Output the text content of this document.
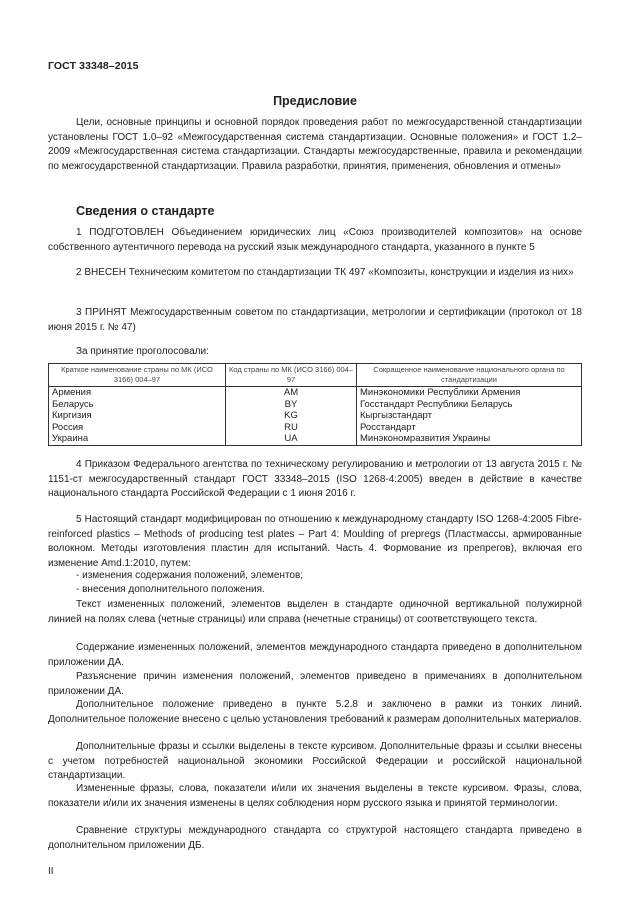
ГОСТ 33348–2015
Предисловие
Цели, основные принципы и основной порядок проведения работ по межгосударственной стандартизации установлены ГОСТ 1.0–92 «Межгосударственная система стандартизации. Основные положения» и ГОСТ 1.2–2009 «Межгосударственная система стандартизации. Стандарты межгосударственные, правила и рекомендации по межгосударственной стандартизации. Правила разработки, принятия, применения, обновления и отмены»
Сведения о стандарте
1 ПОДГОТОВЛЕН Объединением юридических лиц «Союз производителей композитов» на основе собственного аутентичного перевода на русский язык международного стандарта, указанного в пункте 5
2 ВНЕСЕН Техническим комитетом по стандартизации ТК 497 «Композиты, конструкции и изделия из них»
3 ПРИНЯТ Межгосударственным советом по стандартизации, метрологии и сертификации (протокол от 18 июня 2015 г. № 47)
За принятие проголосовали:
Краткое наименование страны по МК (ИСО 3166) 004–97	Код страны по МК (ИСО 3166) 004–97	Сокращенное наименование национального органа по стандартизации
Армения	AM	Минэкономики Республики Армения
Беларусь	BY	Госстандарт Республики Беларусь
Киргизия	KG	Кыргызстандарт
Россия	RU	Росстандарт
Украина	UA	Минэкономразвития Украины
4 Приказом Федерального агентства по техническому регулированию и метрологии от 13 августа 2015 г. № 1151-ст межгосударственный стандарт ГОСТ 33348–2015 (ISO 1268-4:2005) введен в действие в качестве национального стандарта Российской Федерации с 1 июня 2016 г.
5 Настоящий стандарт модифицирован по отношению к международному стандарту ISO 1268-4:2005 Fibre-reinforced plastics – Methods of producing test plates – Part 4: Moulding of prepregs (Пластмассы, армированные волокном. Методы изготовления пластин для испытаний. Часть 4. Формование из препрегов), включая его изменение Amd.1:2010, путем:
- изменения содержания положений, элементов;
- внесения дополнительного положения.
Текст измененных положений, элементов выделен в стандарте одиночной вертикальной полужирной линией на полях слева (четные страницы) или справа (нечетные страницы) от соответствующего текста.
Содержание измененных положений, элементов международного стандарта приведено в дополнительном приложении ДА.
Разъяснение причин изменения положений, элементов приведено в примечаниях в дополнительном приложении ДА.
Дополнительное положение приведено в пункте 5.2.8 и заключено в рамки из тонких линий. Дополнительное положение внесено с целью установления требований к размерам дополнительных материалов.
Дополнительные фразы и ссылки выделены в тексте курсивом. Дополнительные фразы и ссылки внесены с учетом потребностей национальной экономики Российской Федерации и российской национальной стандартизации.
Измененные фразы, слова, показатели и/или их значения выделены в тексте курсивом. Фразы, слова, показатели и/или их значения изменены в целях соблюдения норм русского языка и принятой терминологии.
Сравнение структуры международного стандарта со структурой настоящего стандарта приведено в дополнительном приложении ДБ.
II
